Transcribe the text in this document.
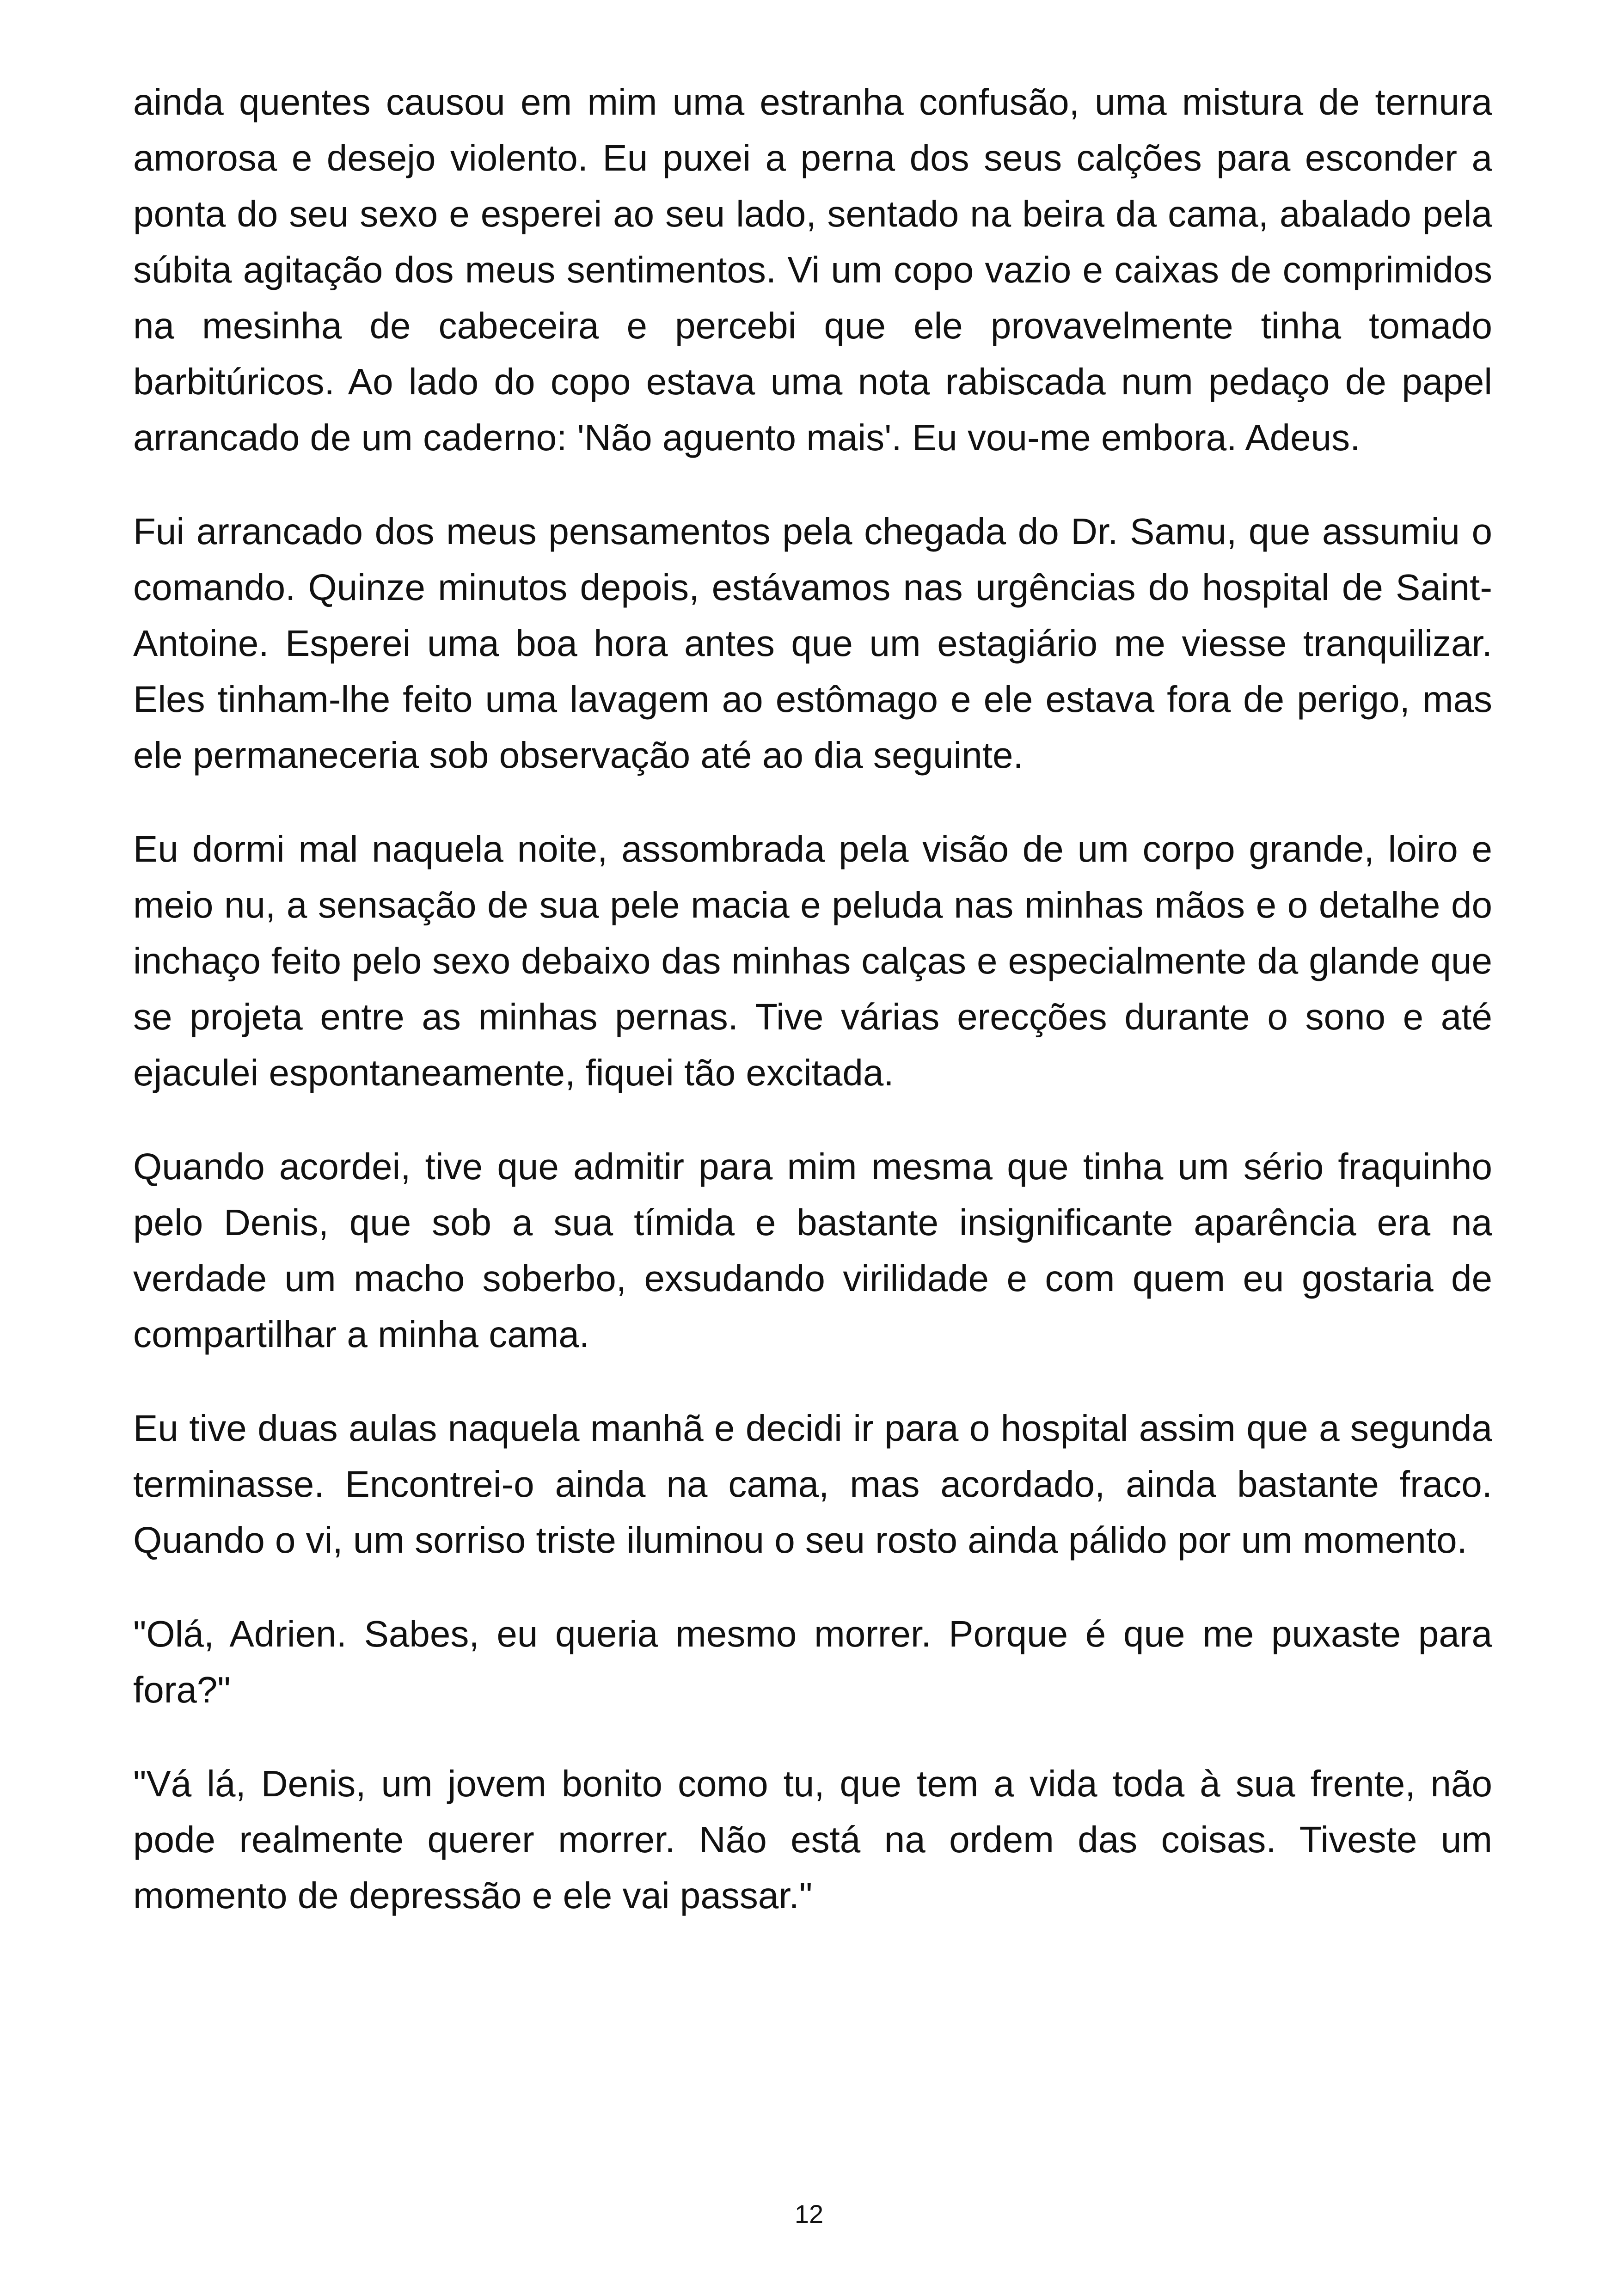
ainda quentes causou em mim uma estranha confusão, uma mistura de ternura amorosa e desejo violento. Eu puxei a perna dos seus calções para esconder a ponta do seu sexo e esperei ao seu lado, sentado na beira da cama, abalado pela súbita agitação dos meus sentimentos. Vi um copo vazio e caixas de comprimidos na mesinha de cabeceira e percebi que ele provavelmente tinha tomado barbitúricos. Ao lado do copo estava uma nota rabiscada num pedaço de papel arrancado de um caderno: 'Não aguento mais'. Eu vou-me embora. Adeus.

Fui arrancado dos meus pensamentos pela chegada do Dr. Samu, que assumiu o comando. Quinze minutos depois, estávamos nas urgências do hospital de Saint-Antoine. Esperei uma boa hora antes que um estagiário me viesse tranquilizar. Eles tinham-lhe feito uma lavagem ao estômago e ele estava fora de perigo, mas ele permaneceria sob observação até ao dia seguinte.

Eu dormi mal naquela noite, assombrada pela visão de um corpo grande, loiro e meio nu, a sensação de sua pele macia e peluda nas minhas mãos e o detalhe do inchaço feito pelo sexo debaixo das minhas calças e especialmente da glande que se projeta entre as minhas pernas. Tive várias erecções durante o sono e até ejaculei espontaneamente, fiquei tão excitada.

Quando acordei, tive que admitir para mim mesma que tinha um sério fraquinho pelo Denis, que sob a sua tímida e bastante insignificante aparência era na verdade um macho soberbo, exsudando virilidade e com quem eu gostaria de compartilhar a minha cama.

Eu tive duas aulas naquela manhã e decidi ir para o hospital assim que a segunda terminasse. Encontrei-o ainda na cama, mas acordado, ainda bastante fraco. Quando o vi, um sorriso triste iluminou o seu rosto ainda pálido por um momento.

"Olá, Adrien. Sabes, eu queria mesmo morrer. Porque é que me puxaste para fora?"

"Vá lá, Denis, um jovem bonito como tu, que tem a vida toda à sua frente, não pode realmente querer morrer. Não está na ordem das coisas. Tiveste um momento de depressão e ele vai passar."

12
